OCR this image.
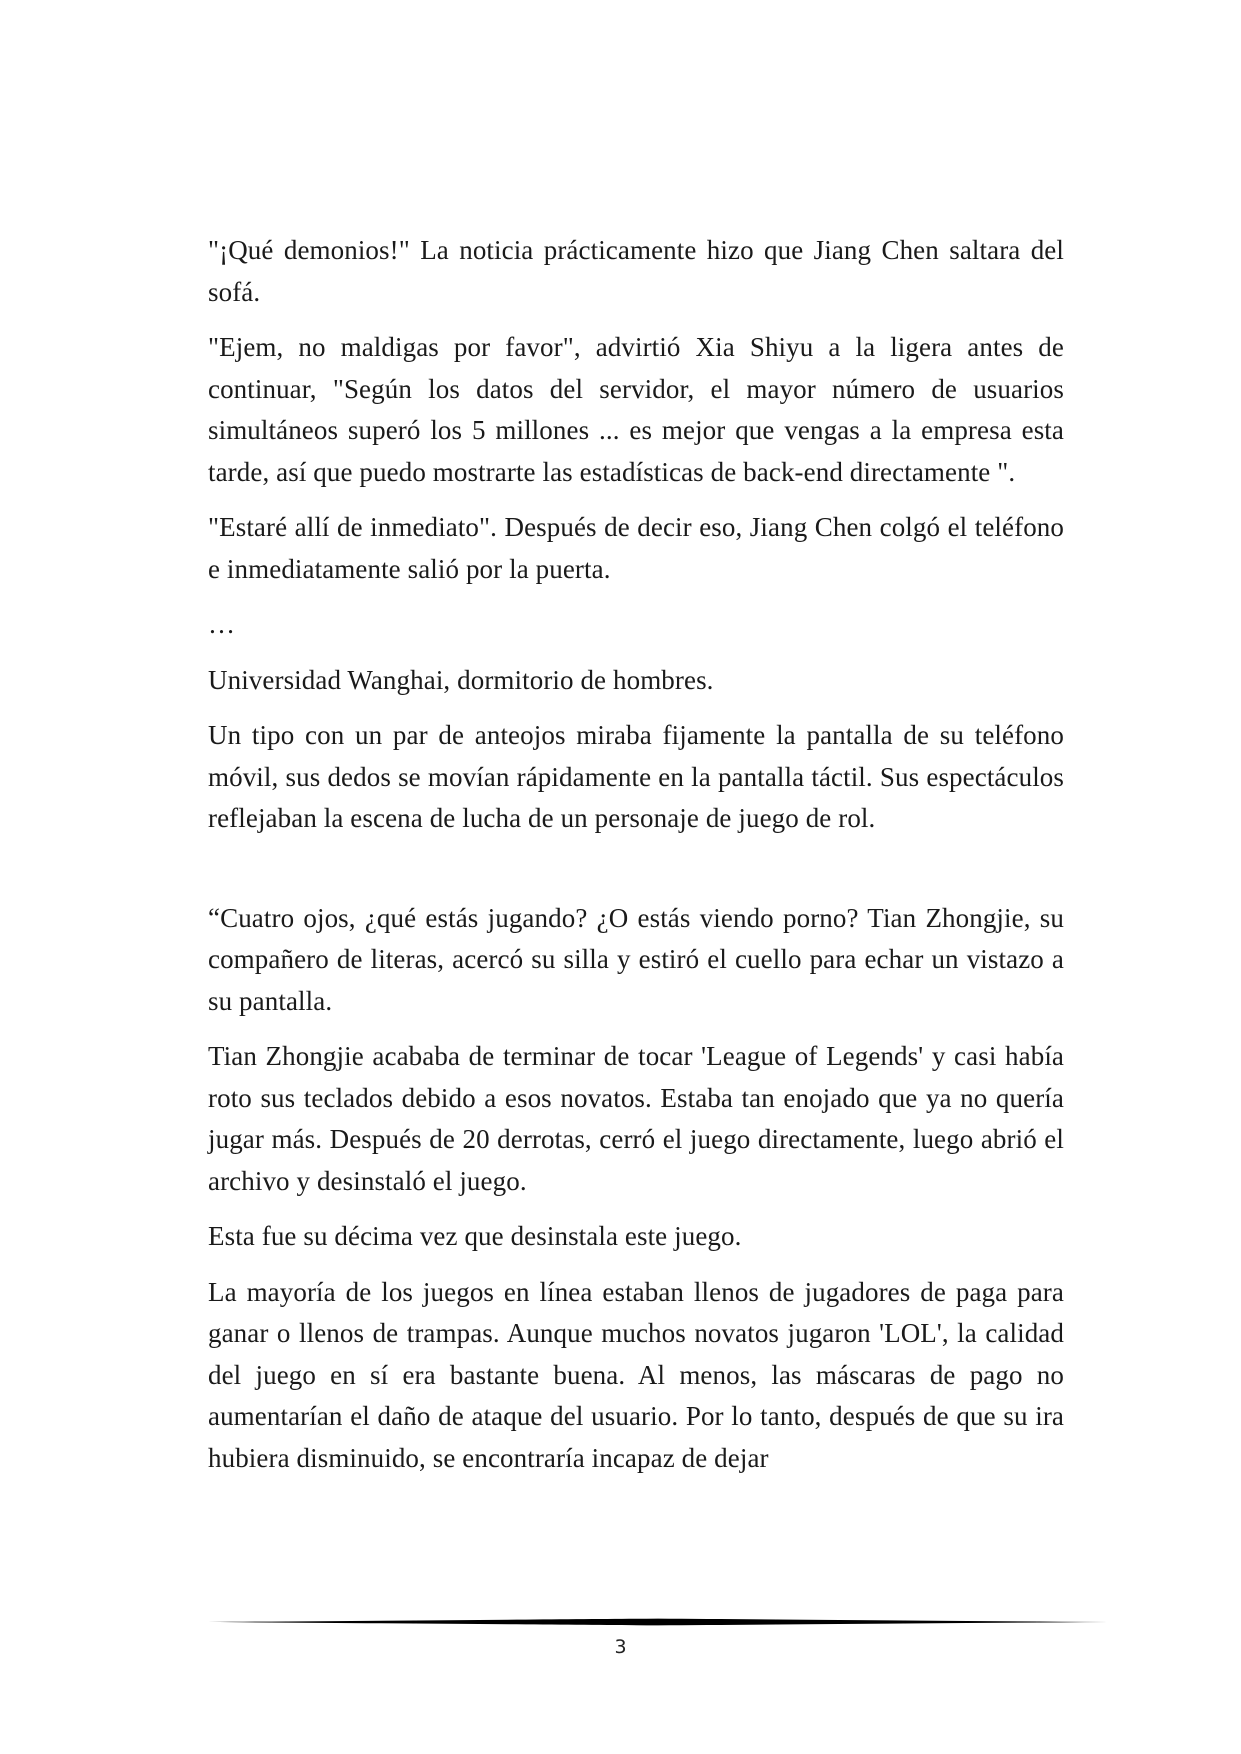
"¡Qué demonios!" La noticia prácticamente hizo que Jiang Chen saltara del sofá.

"Ejem, no maldigas por favor", advirtió Xia Shiyu a la ligera antes de continuar, "Según los datos del servidor, el mayor número de usuarios simultáneos superó los 5 millones ... es mejor que vengas a la empresa esta tarde, así que puedo mostrarte las estadísticas de back-end directamente ".

"Estaré allí de inmediato". Después de decir eso, Jiang Chen colgó el teléfono e inmediatamente salió por la puerta.

…

Universidad Wanghai, dormitorio de hombres.

Un tipo con un par de anteojos miraba fijamente la pantalla de su teléfono móvil, sus dedos se movían rápidamente en la pantalla táctil. Sus espectáculos reflejaban la escena de lucha de un personaje de juego de rol.

“Cuatro ojos, ¿qué estás jugando? ¿O estás viendo porno? Tian Zhongjie, su compañero de literas, acercó su silla y estiró el cuello para echar un vistazo a su pantalla.

Tian Zhongjie acababa de terminar de tocar 'League of Legends' y casi había roto sus teclados debido a esos novatos. Estaba tan enojado que ya no quería jugar más. Después de 20 derrotas, cerró el juego directamente, luego abrió el archivo y desinstaló el juego.

Esta fue su décima vez que desinstala este juego.

La mayoría de los juegos en línea estaban llenos de jugadores de paga para ganar o llenos de trampas. Aunque muchos novatos jugaron 'LOL', la calidad del juego en sí era bastante buena. Al menos, las máscaras de pago no aumentarían el daño de ataque del usuario. Por lo tanto, después de que su ira hubiera disminuido, se encontraría incapaz de dejar

3
